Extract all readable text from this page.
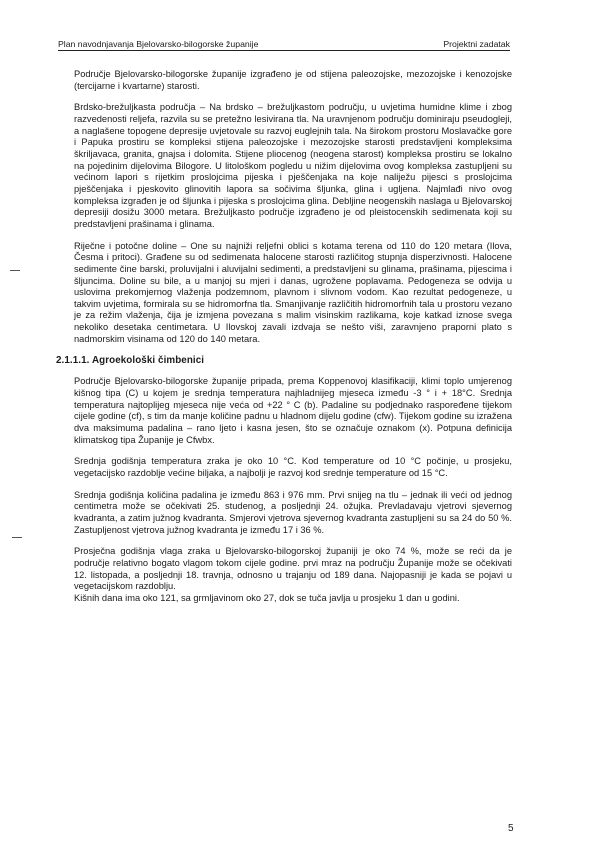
Plan navodnjavanja Bjelovarsko-bilogorske županije	Projektni zadatak

Područje Bjelovarsko-bilogorske županije izgrađeno je od stijena paleozojske, mezozojske i kenozojske (tercijarne i kvartarne) starosti.

Brdsko-brežuljkasta područja – Na brdsko – brežuljkastom području, u uvjetima humidne klime i zbog razvedenosti reljefa, razvila su se pretežno lesivirana tla. Na uravnjenom području dominiraju pseudogleji, a naglašene topogene depresije uvjetovale su razvoj euglejnih tala. Na širokom prostoru Moslavačke gore i Papuka prostiru se kompleksi stijena paleozojske i mezozojske starosti predstavljeni kompleksima škriljavaca, granita, gnajsa i dolomita. Stijene pliocenog (neogena starost) kompleksa prostiru se lokalno na pojedinim dijelovima Bilogore. U litološkom pogledu u nižim dijelovima ovog kompleksa zastupljeni su većinom lapori s rijetkim proslojcima pijeska i pješčenjaka na koje naliježu pijesci s proslojcima pješčenjaka i pjeskovito glinovitih lapora sa sočivima šljunka, glina i ugljena. Najmlađi nivo ovog kompleksa izgrađen je od šljunka i pijeska s proslojcima glina. Debljine neogenskih naslaga u Bjelovarskoj depresiji dosižu 3000 metara. Brežuljkasto područje izgrađeno je od pleistocenskih sedimenata koji su predstavljeni prašinama i glinama.

Riječne i potočne doline – One su najniži reljefni oblici s kotama terena od 110 do 120 metara (Ilova, Česma i pritoci). Građene su od sedimenata halocene starosti različitog stupnja disperzivnosti. Halocene sedimente čine barski, proluvijalni i aluvijalni sedimenti, a predstavljeni su glinama, prašinama, pijescima i šljuncima. Doline su bile, a u manjoj su mjeri i danas, ugrožene poplavama. Pedogeneza se odvija u uslovima prekomjernog vlaženja podzemnom, plavnom i slivnom vodom. Kao rezultat pedogeneze, u takvim uvjetima, formirala su se hidromorfna tla. Smanjivanje različitih hidromorfnih tala u prostoru vezano je za režim vlaženja, čija je izmjena povezana s malim visinskim razlikama, koje katkad iznose svega nekoliko desetaka centimetara. U Ilovskoj zavali izdvaja se nešto viši, zaravnjeno praporni plato s nadmorskim visinama od 120 do 140 metara.

2.1.1.1. Agroekološki čimbenici

Područje Bjelovarsko-bilogorske županije pripada, prema Koppenovoj klasifikaciji, klimi toplo umjerenog kišnog tipa (C) u kojem je srednja temperatura najhladnijeg mjeseca između -3 ° i + 18°C. Srednja temperatura najtoplijeg mjeseca nije veća od +22 ° C (b). Padaline su podjednako raspoređene tijekom cijele godine (cf), s tim da manje količine padnu u hladnom dijelu godine (cfw). Tijekom godine su izražena dva maksimuma padalina – rano ljeto i kasna jesen, što se označuje oznakom (x). Potpuna definicija klimatskog tipa Županije je Cfwbx.

Srednja godišnja temperatura zraka je oko 10 °C. Kod temperature od 10 °C počinje, u prosjeku, vegetacijsko razdoblje većine biljaka, a najbolji je razvoj kod srednje temperature od 15 °C.

Srednja godišnja količina padalina je između 863 i 976 mm. Prvi snijeg na tlu – jednak ili veći od jednog centimetra može se očekivati 25. studenog, a posljednji 24. ožujka. Prevladavaju vjetrovi sjevernog kvadranta, a zatim južnog kvadranta. Smjerovi vjetrova sjevernog kvadranta zastupljeni su sa 24 do 50 %. Zastupljenost vjetrova južnog kvadranta je između 17 i 36 %.

Prosječna godišnja vlaga zraka u Bjelovarsko-bilogorskoj županiji je oko 74 %, može se reći da je područje relativno bogato vlagom tokom cijele godine. prvi mraz na području Županije može se očekivati 12. listopada, a posljednji 18. travnja, odnosno u trajanju od 189 dana. Najopasniji je kada se pojavi u vegetacijskom razdoblju.

Kišnih dana ima oko 121, sa grmljavinom oko 27, dok se tuča javlja u prosjeku 1 dan u godini.

5
